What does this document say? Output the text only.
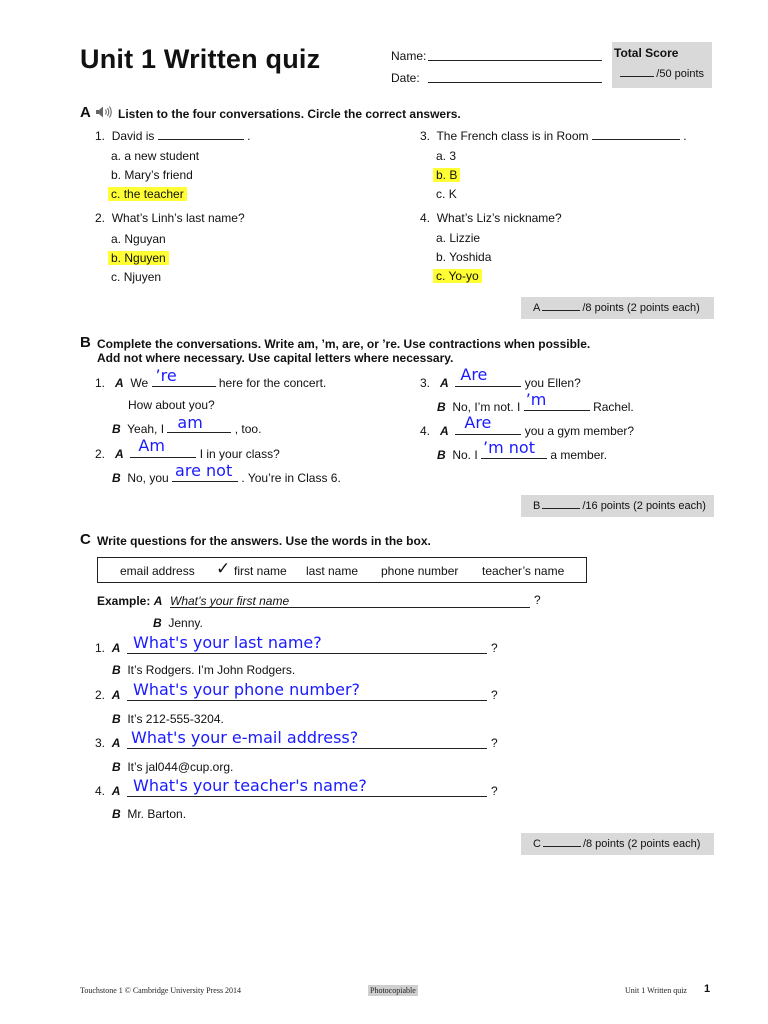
Unit 1 Written quiz	Name:
Date:
Total Score
/50 points
A Listen to the four conversations. Circle the correct answers.
1. David is	.
a. a new student
b. Mary’s friend
c. the teacher
2. What’s Linh’s last name?
a. Nguyan
b. Nguyen
c. Njuyen
3. The French class is in Room	.
a. 3
b. B
c. K
4. What’s Liz’s nickname?
a. Lizzie
b. Yoshida
c. Yo-yo
A	/8 points (2 points each)
B Complete the conversations. Write am, ’m, are, or ’re. Use contractions when possible.
Add not where necessary. Use capital letters where necessary.
1. A We ’re	here for the concert.
How about you?
B Yeah, I am	, too.
2. A Am	I in your class?
B No, you are not . You’re in Class 6.
3. A Are	you Ellen?
B No, I’m not. I ’m	Rachel.
4. A Are	you a gym member?
B No. I ’m not a member.
B	/16 points (2 points each)
C Write questions for the answers. Use the words in the box.
email address ✓ first name last name phone number teacher’s name
Example: A What’s your first name	?
B Jenny.
1. A What's your last name?	?
B It’s Rodgers. I’m John Rodgers.
2. A What's your phone number?	?
B It’s 212-555-3204.
3. A What's your e-mail address?	?
B It’s jal044@cup.org.
4. A What's your teacher's name?	?
B Mr. Barton.
C	/8 points (2 points each)
Touchstone 1 © Cambridge University Press 2014	Photocopiable	Unit 1 Written quiz 1
